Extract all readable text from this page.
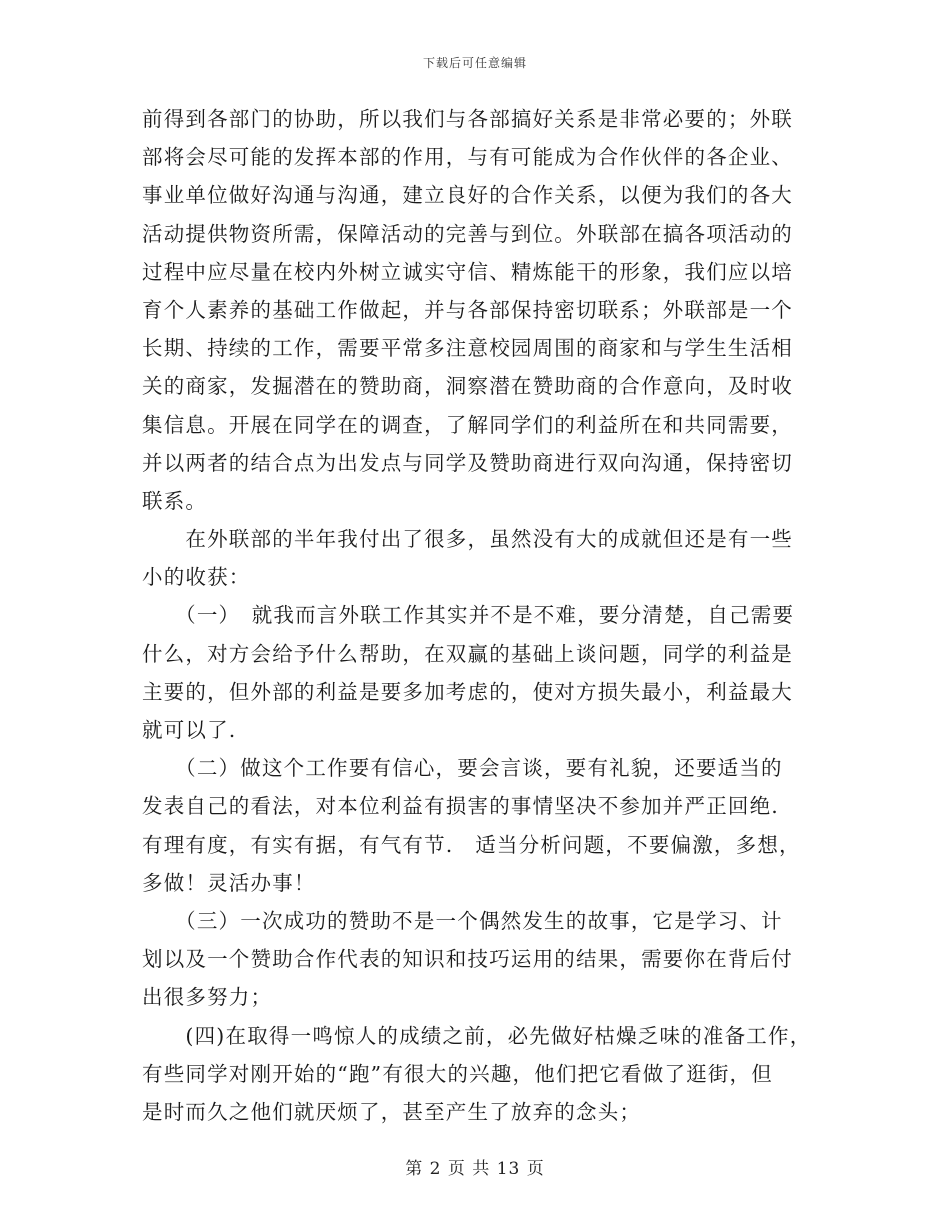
下载后可任意编辑
前得到各部门的协助，所以我们与各部搞好关系是非常必要的；外联
部将会尽可能的发挥本部的作用，与有可能成为合作伙伴的各企业、
事业单位做好沟通与沟通，建立良好的合作关系，以便为我们的各大
活动提供物资所需，保障活动的完善与到位。外联部在搞各项活动的
过程中应尽量在校内外树立诚实守信、精炼能干的形象，我们应以培
育个人素养的基础工作做起，并与各部保持密切联系；外联部是一个
长期、持续的工作，需要平常多注意校园周围的商家和与学生生活相
关的商家，发掘潜在的赞助商，洞察潜在赞助商的合作意向，及时收
集信息。开展在同学在的调查，了解同学们的利益所在和共同需要，
并以两者的结合点为出发点与同学及赞助商进行双向沟通，保持密切
联系。
　　在外联部的半年我付出了很多，虽然没有大的成就但还是有一些
小的收获：
　　（一）　就我而言外联工作其实并不是不难，要分清楚，自己需要
什么，对方会给予什么帮助，在双赢的基础上谈问题，同学的利益是
主要的，但外部的利益是要多加考虑的，使对方损失最小，利益最大
就可以了.
　　（二）做这个工作要有信心，要会言谈，要有礼貌，还要适当的
发表自己的看法，对本位利益有损害的事情坚决不参加并严正回绝.
有理有度，有实有据，有气有节.　适当分析问题，不要偏激，多想，
多做！灵活办事！
　　（三）一次成功的赞助不是一个偶然发生的故事，它是学习、计
划以及一个赞助合作代表的知识和技巧运用的结果，需要你在背后付
出很多努力；
　　(四)在取得一鸣惊人的成绩之前，必先做好枯燥乏味的准备工作，
有些同学对刚开始的“跑”有很大的兴趣，他们把它看做了逛街，但
是时而久之他们就厌烦了，甚至产生了放弃的念头；
第 2 页 共 13 页
